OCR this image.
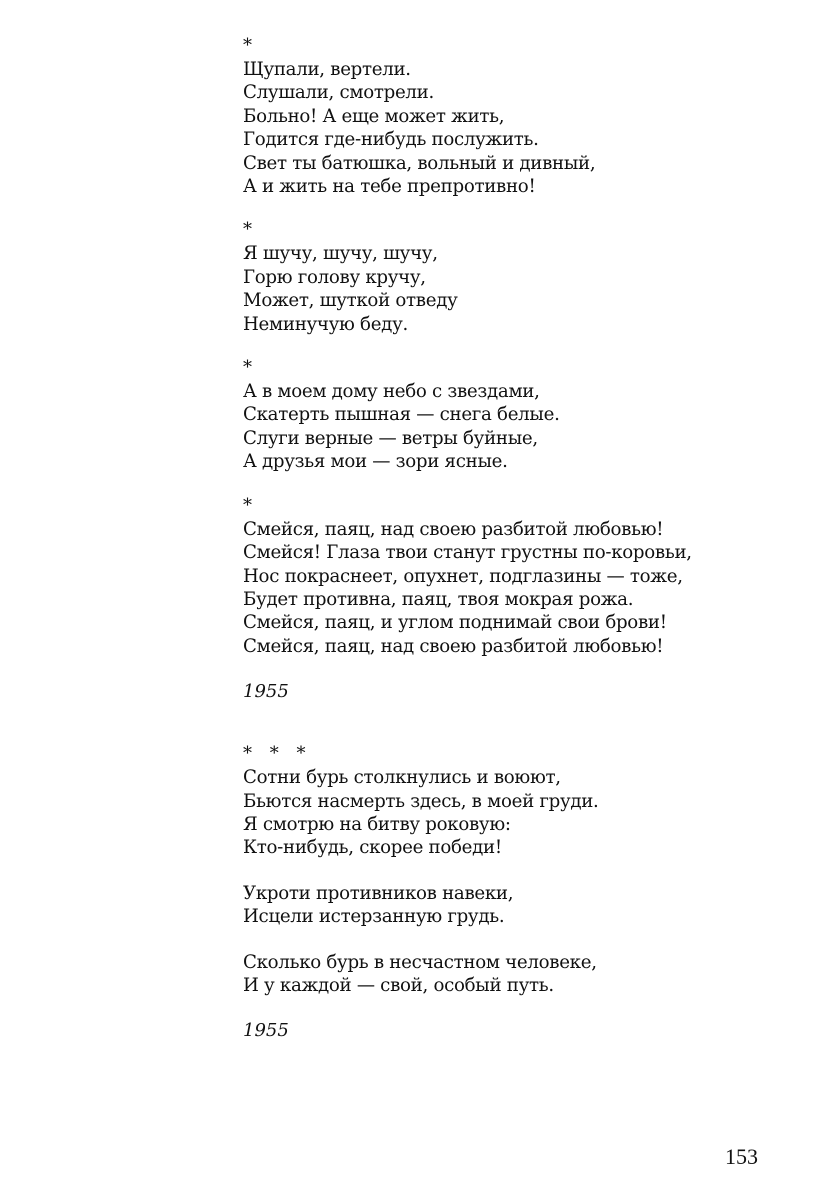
*
Щупали, вертели.
Слушали, смотрели.
Больно! А еще может жить,
Годится где-нибудь послужить.
Свет ты батюшка, вольный и дивный,
А и жить на тебе препротивно!
*
Я шучу, шучу, шучу,
Горю голову кручу,
Может, шуткой отведу
Неминучую беду.
*
А в моем дому небо с звездами,
Скатерть пышная — снега белые.
Слуги верные — ветры буйные,
А друзья мои — зори ясные.
*
Смейся, паяц, над своею разбитой любовью!
Смейся! Глаза твои станут грустны по-коровьи,
Нос покраснеет, опухнет, подглазины — тоже,
Будет противна, паяц, твоя мокрая рожа.
Смейся, паяц, и углом поднимай свои брови!
Смейся, паяц, над своею разбитой любовью!
1955
* * *
Сотни бурь столкнулись и воюют,
Бьются насмерть здесь, в моей груди.
Я смотрю на битву роковую:
Кто-нибудь, скорее победи!
Укроти противников навеки,
Исцели истерзанную грудь.
Сколько бурь в несчастном человеке,
И у каждой — свой, особый путь.
1955
153
